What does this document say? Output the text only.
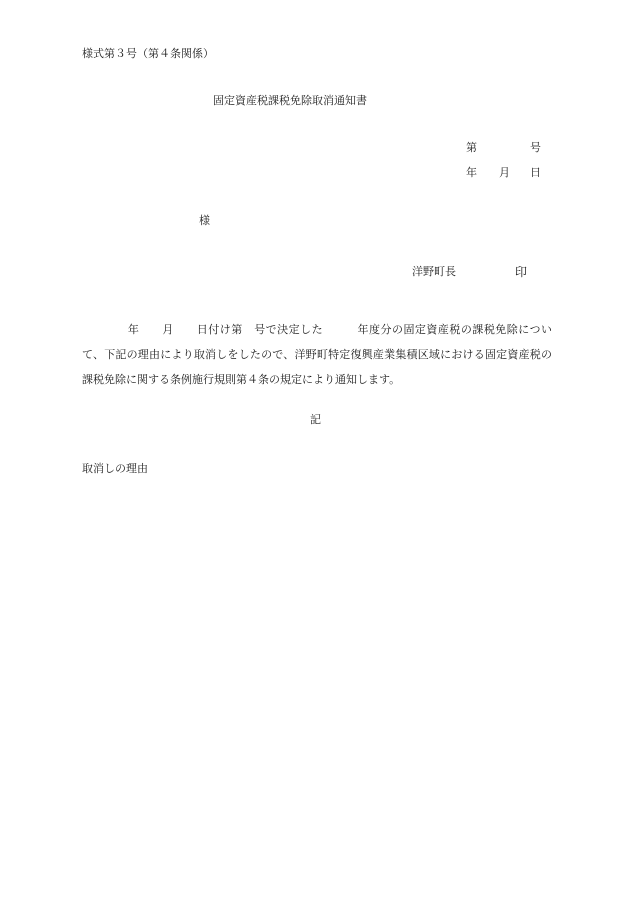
様式第３号（第４条関係）
固定資産税課税免除取消通知書
第	号
年 月 日
様
洋野町長	印
　　　　年　　月　　日付け第　号で決定した　　　年度分の固定資産税の課税免除について、下記の理由により取消しをしたので、洋野町特定復興産業集積区域における固定資産税の課税免除に関する条例施行規則第４条の規定により通知します。
記
取消しの理由
